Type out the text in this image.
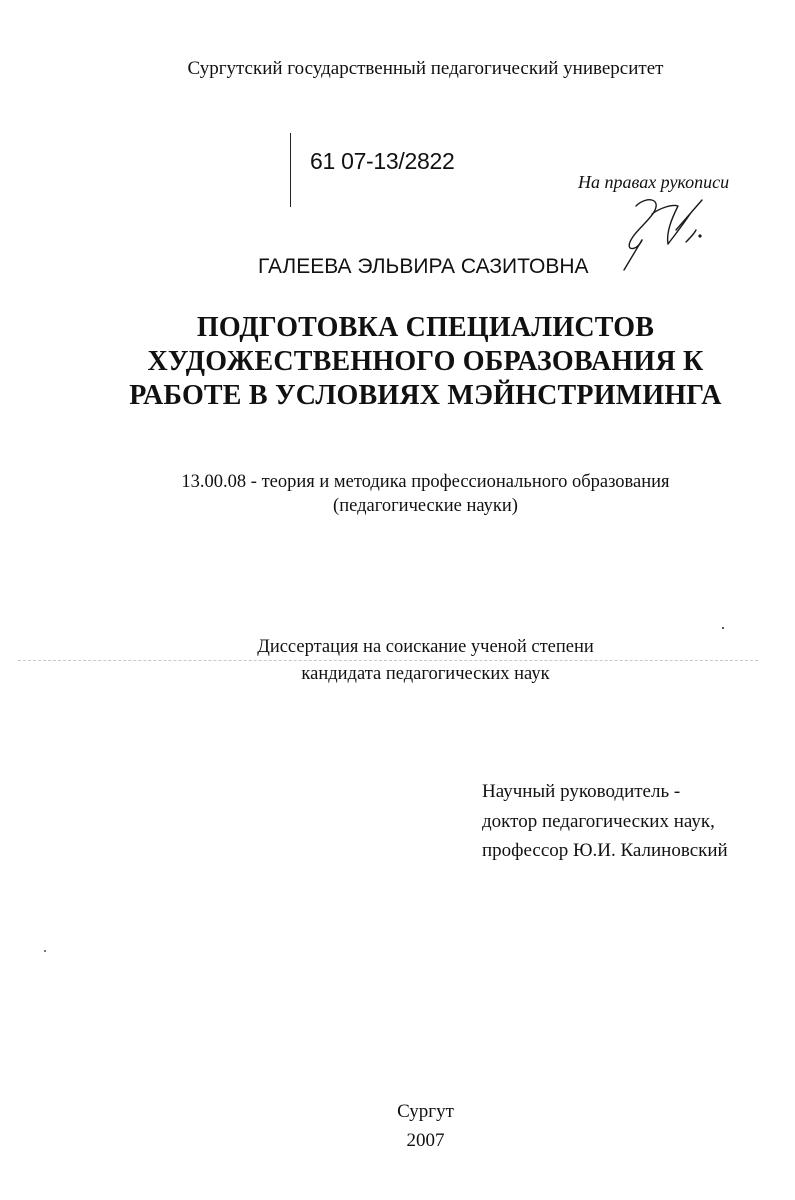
Сургутский государственный педагогический университет
61 07-13/2822
На правах рукописи
ГАЛЕЕВА ЭЛЬВИРА САЗИТОВНА
ПОДГОТОВКА СПЕЦИАЛИСТОВ
ХУДОЖЕСТВЕННОГО ОБРАЗОВАНИЯ К
РАБОТЕ В УСЛОВИЯХ МЭЙНСТРИМИНГА
13.00.08 - теория и методика профессионального образования
(педагогические науки)
Диссертация на соискание ученой степени
кандидата педагогических наук
Научный руководитель -
доктор педагогических наук,
профессор Ю.И. Калиновский
Сургут
2007
